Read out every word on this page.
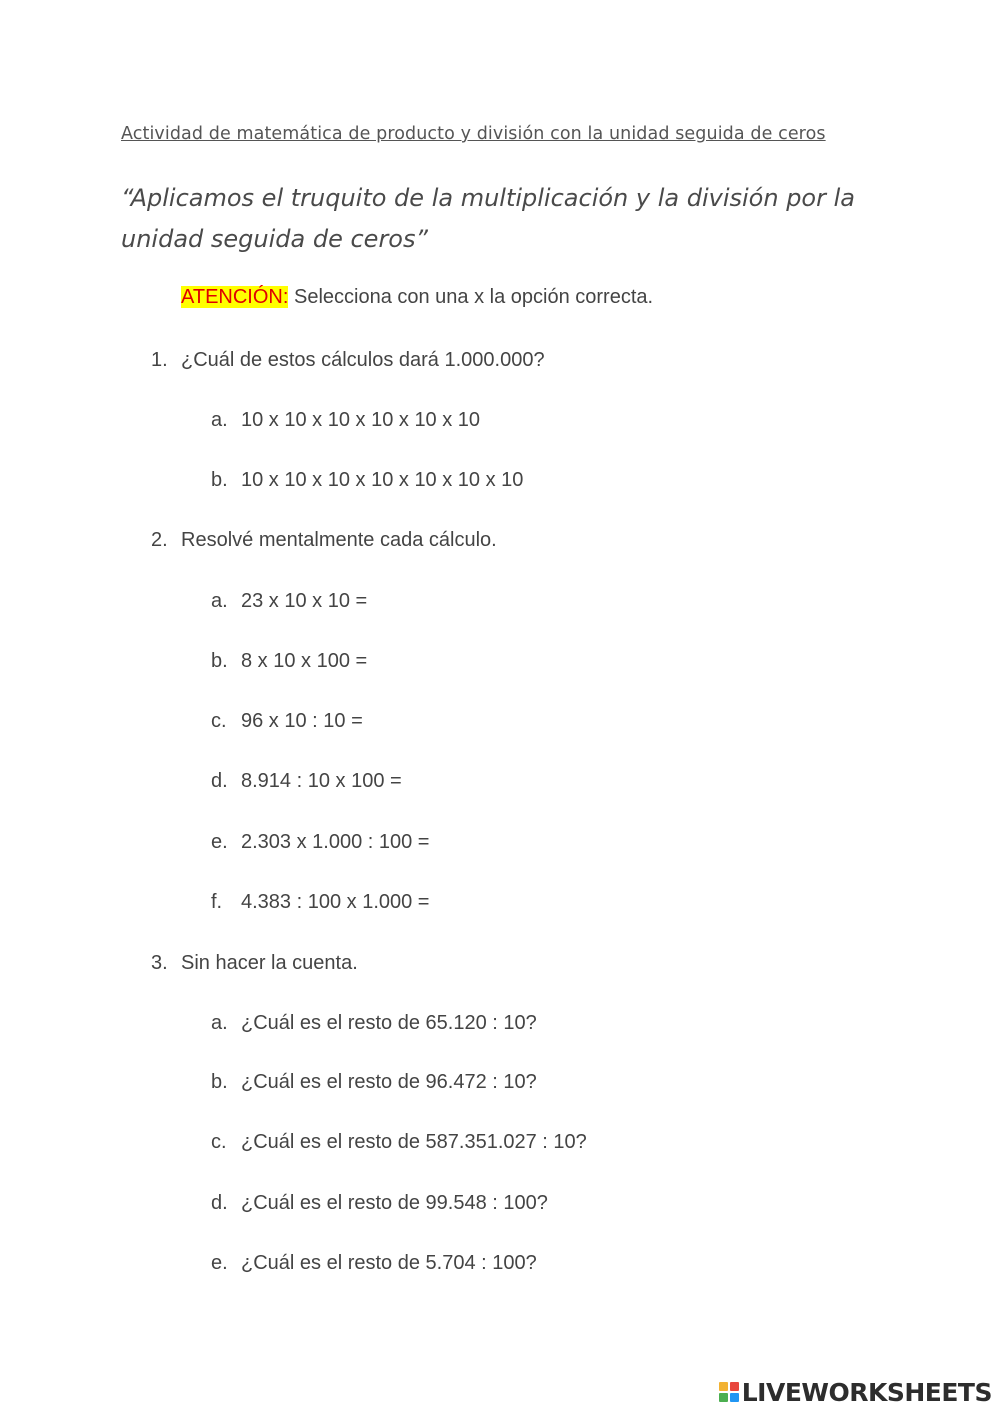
Actividad de matemática de producto y división con la unidad seguida de ceros
“Aplicamos el truquito de la multiplicación y la división por la unidad seguida de ceros”
ATENCIÓN: Selecciona con una x la opción correcta.
1. ¿Cuál de estos cálculos dará 1.000.000?
a. 10 x 10 x 10 x 10 x 10 x 10
b. 10 x 10 x 10 x 10 x 10 x 10 x 10
2. Resolvé mentalmente cada cálculo.
a. 23 x 10 x 10 =
b. 8 x 10 x 100 =
c. 96 x 10 : 10 =
d. 8.914 : 10 x 100 =
e. 2.303 x 1.000 : 100 =
f. 4.383 : 100 x 1.000 =
3. Sin hacer la cuenta.
a. ¿Cuál es el resto de 65.120 : 10?
b. ¿Cuál es el resto de 96.472 : 10?
c. ¿Cuál es el resto de 587.351.027 : 10?
d. ¿Cuál es el resto de 99.548 : 100?
e. ¿Cuál es el resto de 5.704 : 100?
LIVEWORKSHEETS
